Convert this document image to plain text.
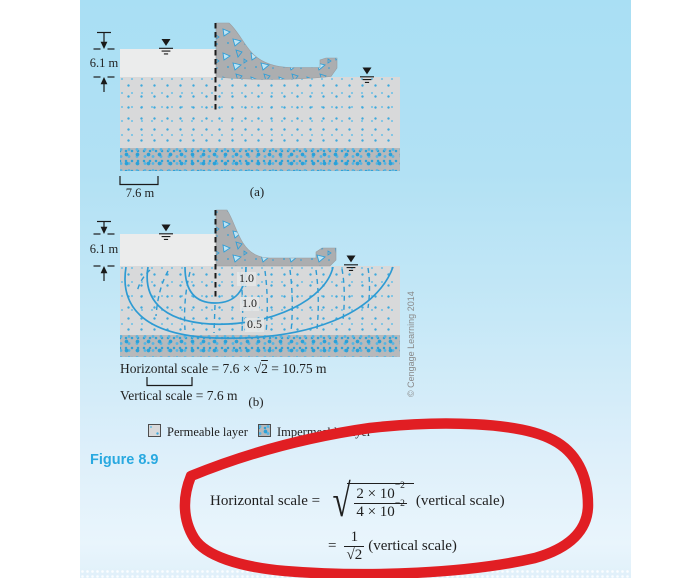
6.1 m
7.6 m	(a)
6.1 m
1.0
1.0
0.5
Horizontal scale = 7.6 × √2 = 10.75 m
Vertical scale = 7.6 m (b)
Permeable layer Impermeable layer
Figure 8.9
Horizontal scale = √ $\frac{2 \times 10^{-2}}{4 \times 10^{-2}}$ (vertical scale)
= $\frac{1}{√2}$ (vertical scale)
© Cengage Learning 2014
